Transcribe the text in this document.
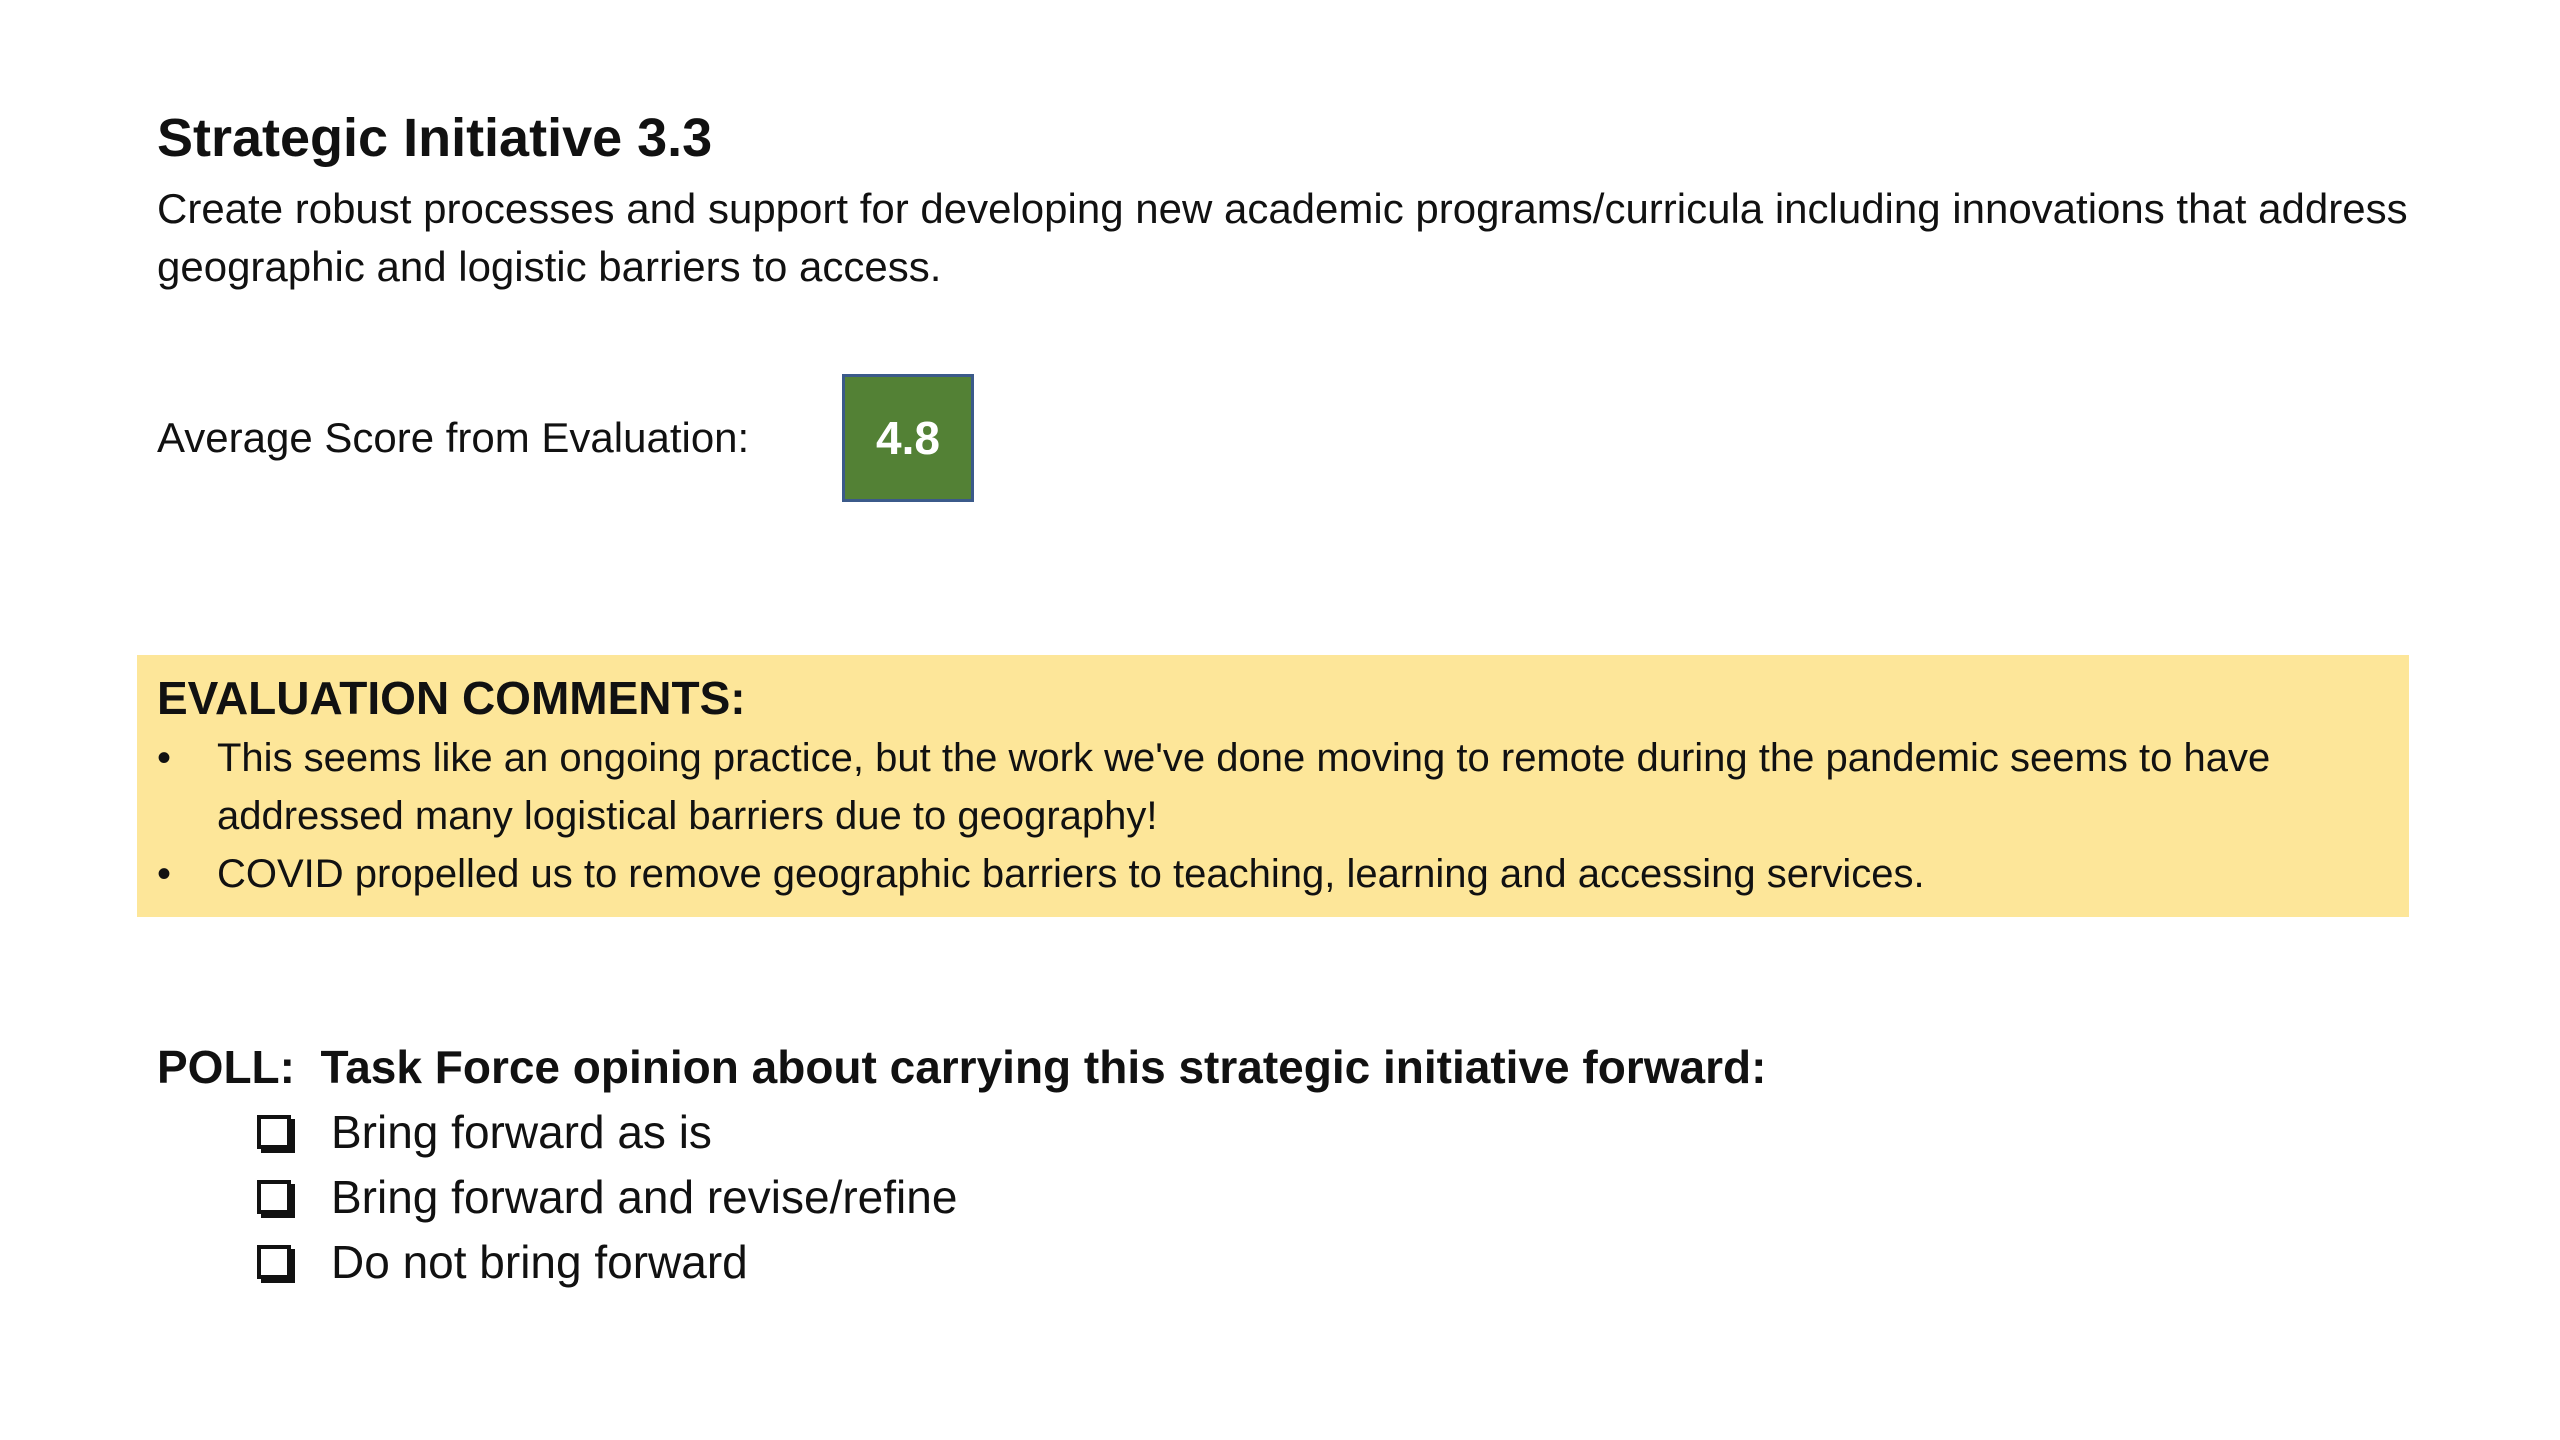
Strategic Initiative 3.3
Create robust processes and support for developing new academic programs/curricula including innovations that address geographic and logistic barriers to access.
Average Score from Evaluation:	4.8
EVALUATION COMMENTS:
•	This seems like an ongoing practice, but the work we've done moving to remote during the pandemic seems to have addressed many logistical barriers due to geography!
•	COVID propelled us to remove geographic barriers to teaching, learning and accessing services.
POLL:  Task Force opinion about carrying this strategic initiative forward:
Bring forward as is
Bring forward and revise/refine
Do not bring forward
